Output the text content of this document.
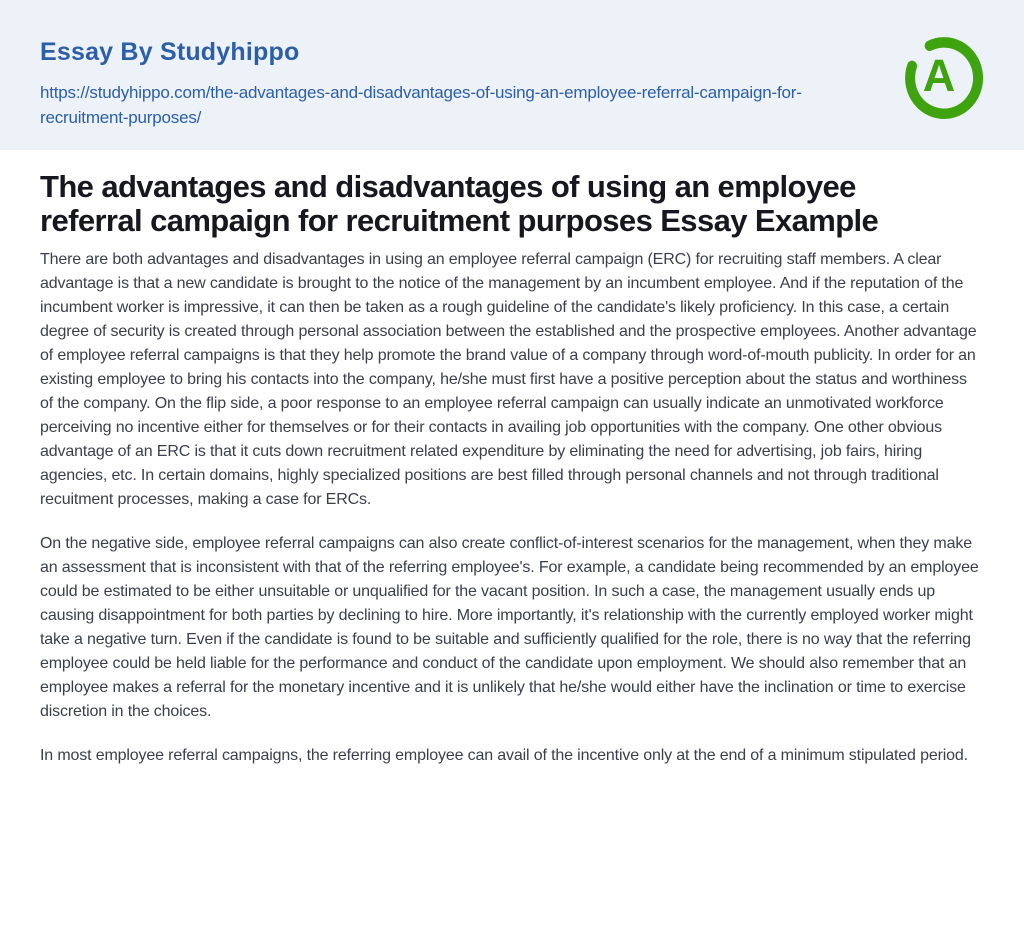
Essay By Studyhippo
https://studyhippo.com/the-advantages-and-disadvantages-of-using-an-employee-referral-campaign-for-recruitment-purposes/
A
The advantages and disadvantages of using an employee referral campaign for recruitment purposes Essay Example

There are both advantages and disadvantages in using an employee referral campaign (ERC) for recruiting staff members. A clear advantage is that a new candidate is brought to the notice of the management by an incumbent employee. And if the reputation of the incumbent worker is impressive, it can then be taken as a rough guideline of the candidate's likely proficiency. In this case, a certain degree of security is created through personal association between the established and the prospective employees. Another advantage of employee referral campaigns is that they help promote the brand value of a company through word-of-mouth publicity. In order for an existing employee to bring his contacts into the company, he/she must first have a positive perception about the status and worthiness of the company. On the flip side, a poor response to an employee referral campaign can usually indicate an unmotivated workforce perceiving no incentive either for themselves or for their contacts in availing job opportunities with the company. One other obvious advantage of an ERC is that it cuts down recruitment related expenditure by eliminating the need for advertising, job fairs, hiring agencies, etc. In certain domains, highly specialized positions are best filled through personal channels and not through traditional recuitment processes, making a case for ERCs.

On the negative side, employee referral campaigns can also create conflict-of-interest scenarios for the management, when they make an assessment that is inconsistent with that of the referring employee's. For example, a candidate being recommended by an employee could be estimated to be either unsuitable or unqualified for the vacant position. In such a case, the management usually ends up causing disappointment for both parties by declining to hire. More importantly, it's relationship with the currently employed worker might take a negative turn. Even if the candidate is found to be suitable and sufficiently qualified for the role, there is no way that the referring employee could be held liable for the performance and conduct of the candidate upon employment. We should also remember that an employee makes a referral for the monetary incentive and it is unlikely that he/she would either have the inclination or time to exercise discretion in the choices.

In most employee referral campaigns, the referring employee can avail of the incentive only at the end of a minimum stipulated period.
